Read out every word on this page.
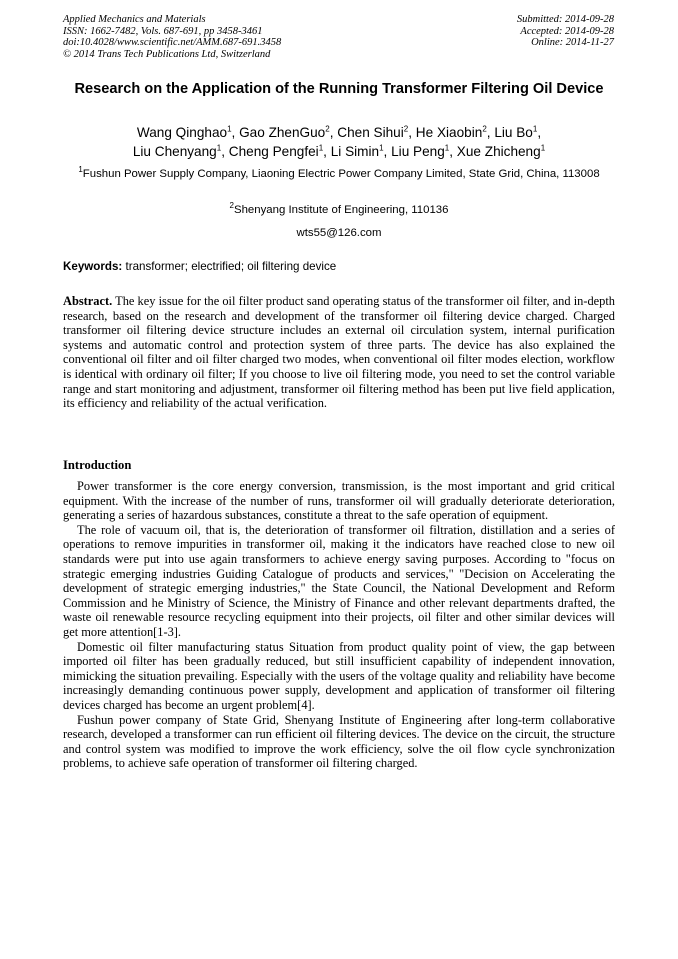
Applied Mechanics and Materials
ISSN: 1662-7482, Vols. 687-691, pp 3458-3461
doi:10.4028/www.scientific.net/AMM.687-691.3458
© 2014 Trans Tech Publications Ltd, Switzerland
Submitted: 2014-09-28
Accepted: 2014-09-28
Online: 2014-11-27
Research on the Application of the Running Transformer Filtering Oil Device
Wang Qinghao$^1$, Gao ZhenGuo$^2$, Chen Sihui$^2$, He Xiaobin$^2$, Liu Bo$^1$,
Liu Chenyang$^1$, Cheng Pengfei$^1$, Li Simin$^1$, Liu Peng$^1$, Xue Zhicheng$^1$
$^1$Fushun Power Supply Company, Liaoning Electric Power Company Limited, State Grid, China, 113008
$^2$Shenyang Institute of Engineering, 110136
wts55@126.com
Keywords: transformer; electrified; oil filtering device
Abstract. The key issue for the oil filter product sand operating status of the transformer oil filter, and in-depth research, based on the research and development of the transformer oil filtering device charged. Charged transformer oil filtering device structure includes an external oil circulation system, internal purification systems and automatic control and protection system of three parts. The device has also explained the conventional oil filter and oil filter charged two modes, when conventional oil filter modes election, workflow is identical with ordinary oil filter; If you choose to live oil filtering mode, you need to set the control variable range and start monitoring and adjustment, transformer oil filtering method has been put live field application, its efficiency and reliability of the actual verification.
Introduction

Power transformer is the core energy conversion, transmission, is the most important and grid critical equipment. With the increase of the number of runs, transformer oil will gradually deteriorate deterioration, generating a series of hazardous substances, constitute a threat to the safe operation of equipment.

The role of vacuum oil, that is, the deterioration of transformer oil filtration, distillation and a series of operations to remove impurities in transformer oil, making it the indicators have reached close to new oil standards were put into use again transformers to achieve energy saving purposes. According to "focus on strategic emerging industries Guiding Catalogue of products and services," "Decision on Accelerating the development of strategic emerging industries," the State Council, the National Development and Reform Commission and he Ministry of Science, the Ministry of Finance and other relevant departments drafted, the waste oil renewable resource recycling equipment into their projects, oil filter and other similar devices will get more attention[1-3].

Domestic oil filter manufacturing status Situation from product quality point of view, the gap between imported oil filter has been gradually reduced, but still insufficient capability of independent innovation, mimicking the situation prevailing. Especially with the users of the voltage quality and reliability have become increasingly demanding continuous power supply, development and application of transformer oil filtering devices charged has become an urgent problem[4].

Fushun power company of State Grid, Shenyang Institute of Engineering after long-term collaborative research, developed a transformer can run efficient oil filtering devices. The device on the circuit, the structure and control system was modified to improve the work efficiency, solve the oil flow cycle synchronization problems, to achieve safe operation of transformer oil filtering charged.
